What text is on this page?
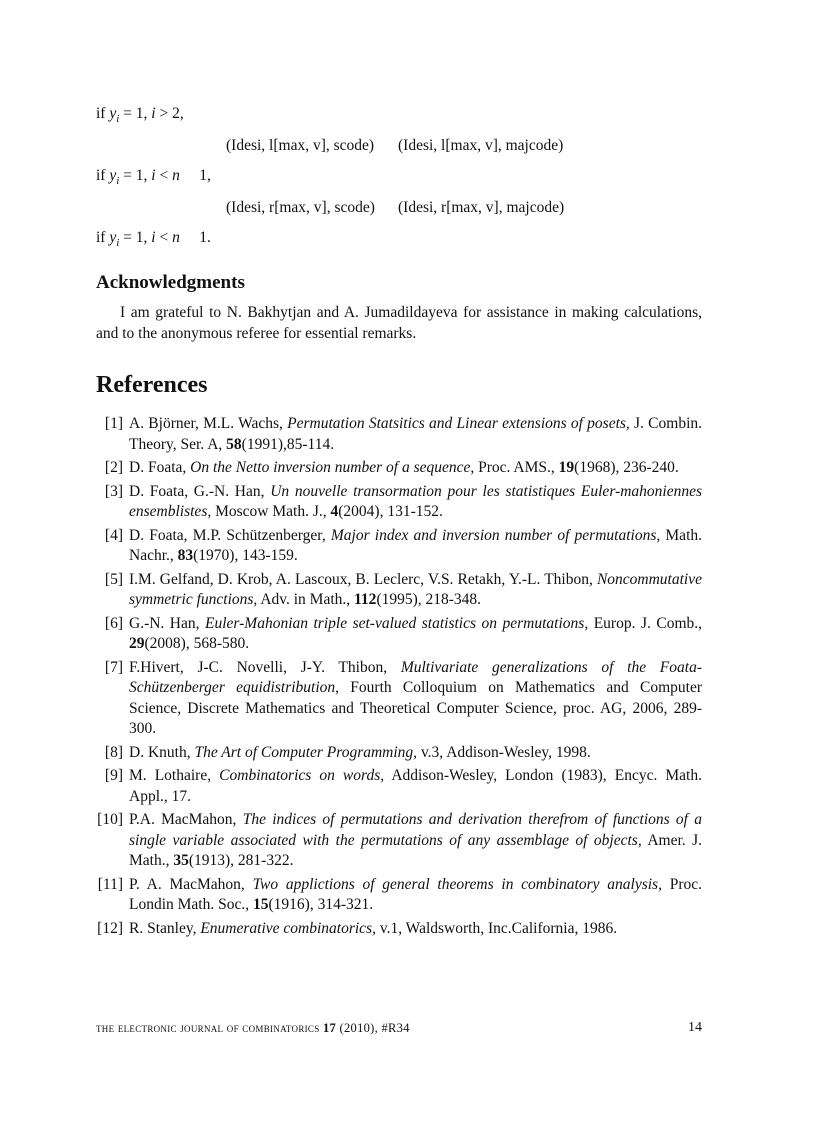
if $y_i = 1$, i > 2,
(Idesi, l[max, v], scode) (Idesi, l[max, v], majcode)
if $y_i = 1$, i < n     1,
(Idesi, r[max, v], scode) (Idesi, r[max, v], majcode)
if $y_i = 1$, i < n     1.
Acknowledgments

I am grateful to N. Bakhytjan and A. Jumadildayeva for assistance in making calculations, and to the anonymous referee for essential remarks.

References
[1] A. Björner, M.L. Wachs, Permutation Statsitics and Linear extensions of posets, J. Combin. Theory, Ser. A, 58(1991),85-114.
[2] D. Foata, On the Netto inversion number of a sequence, Proc. AMS., 19(1968), 236-240.
[3] D. Foata, G.-N. Han, Un nouvelle transormation pour les statistiques Euler-mahoniennes ensemblistes, Moscow Math. J., 4(2004), 131-152.
[4] D. Foata, M.P. Schützenberger, Major index and inversion number of permutations, Math. Nachr., 83(1970), 143-159.
[5] I.M. Gelfand, D. Krob, A. Lascoux, B. Leclerc, V.S. Retakh, Y.-L. Thibon, Noncommutative symmetric functions, Adv. in Math., 112(1995), 218-348.
[6] G.-N. Han, Euler-Mahonian triple set-valued statistics on permutations, Europ. J. Comb., 29(2008), 568-580.
[7] F.Hivert, J-C. Novelli, J-Y. Thibon, Multivariate generalizations of the Foata-Schützenberger equidistribution, Fourth Colloquium on Mathematics and Computer Science, Discrete Mathematics and Theoretical Computer Science, proc. AG, 2006, 289-300.
[8] D. Knuth, The Art of Computer Programming, v.3, Addison-Wesley, 1998.
[9] M. Lothaire, Combinatorics on words, Addison-Wesley, London (1983), Encyc. Math. Appl., 17.
[10] P.A. MacMahon, The indices of permutations and derivation therefrom of functions of a single variable associated with the permutations of any assemblage of objects, Amer. J. Math., 35(1913), 281-322.
[11] P. A. MacMahon, Two applictions of general theorems in combinatory analysis, Proc. Londin Math. Soc., 15(1916), 314-321.
[12] R. Stanley, Enumerative combinatorics, v.1, Waldsworth, Inc.California, 1986.
the electronic journal of combinatorics 17 (2010), #R34	14
